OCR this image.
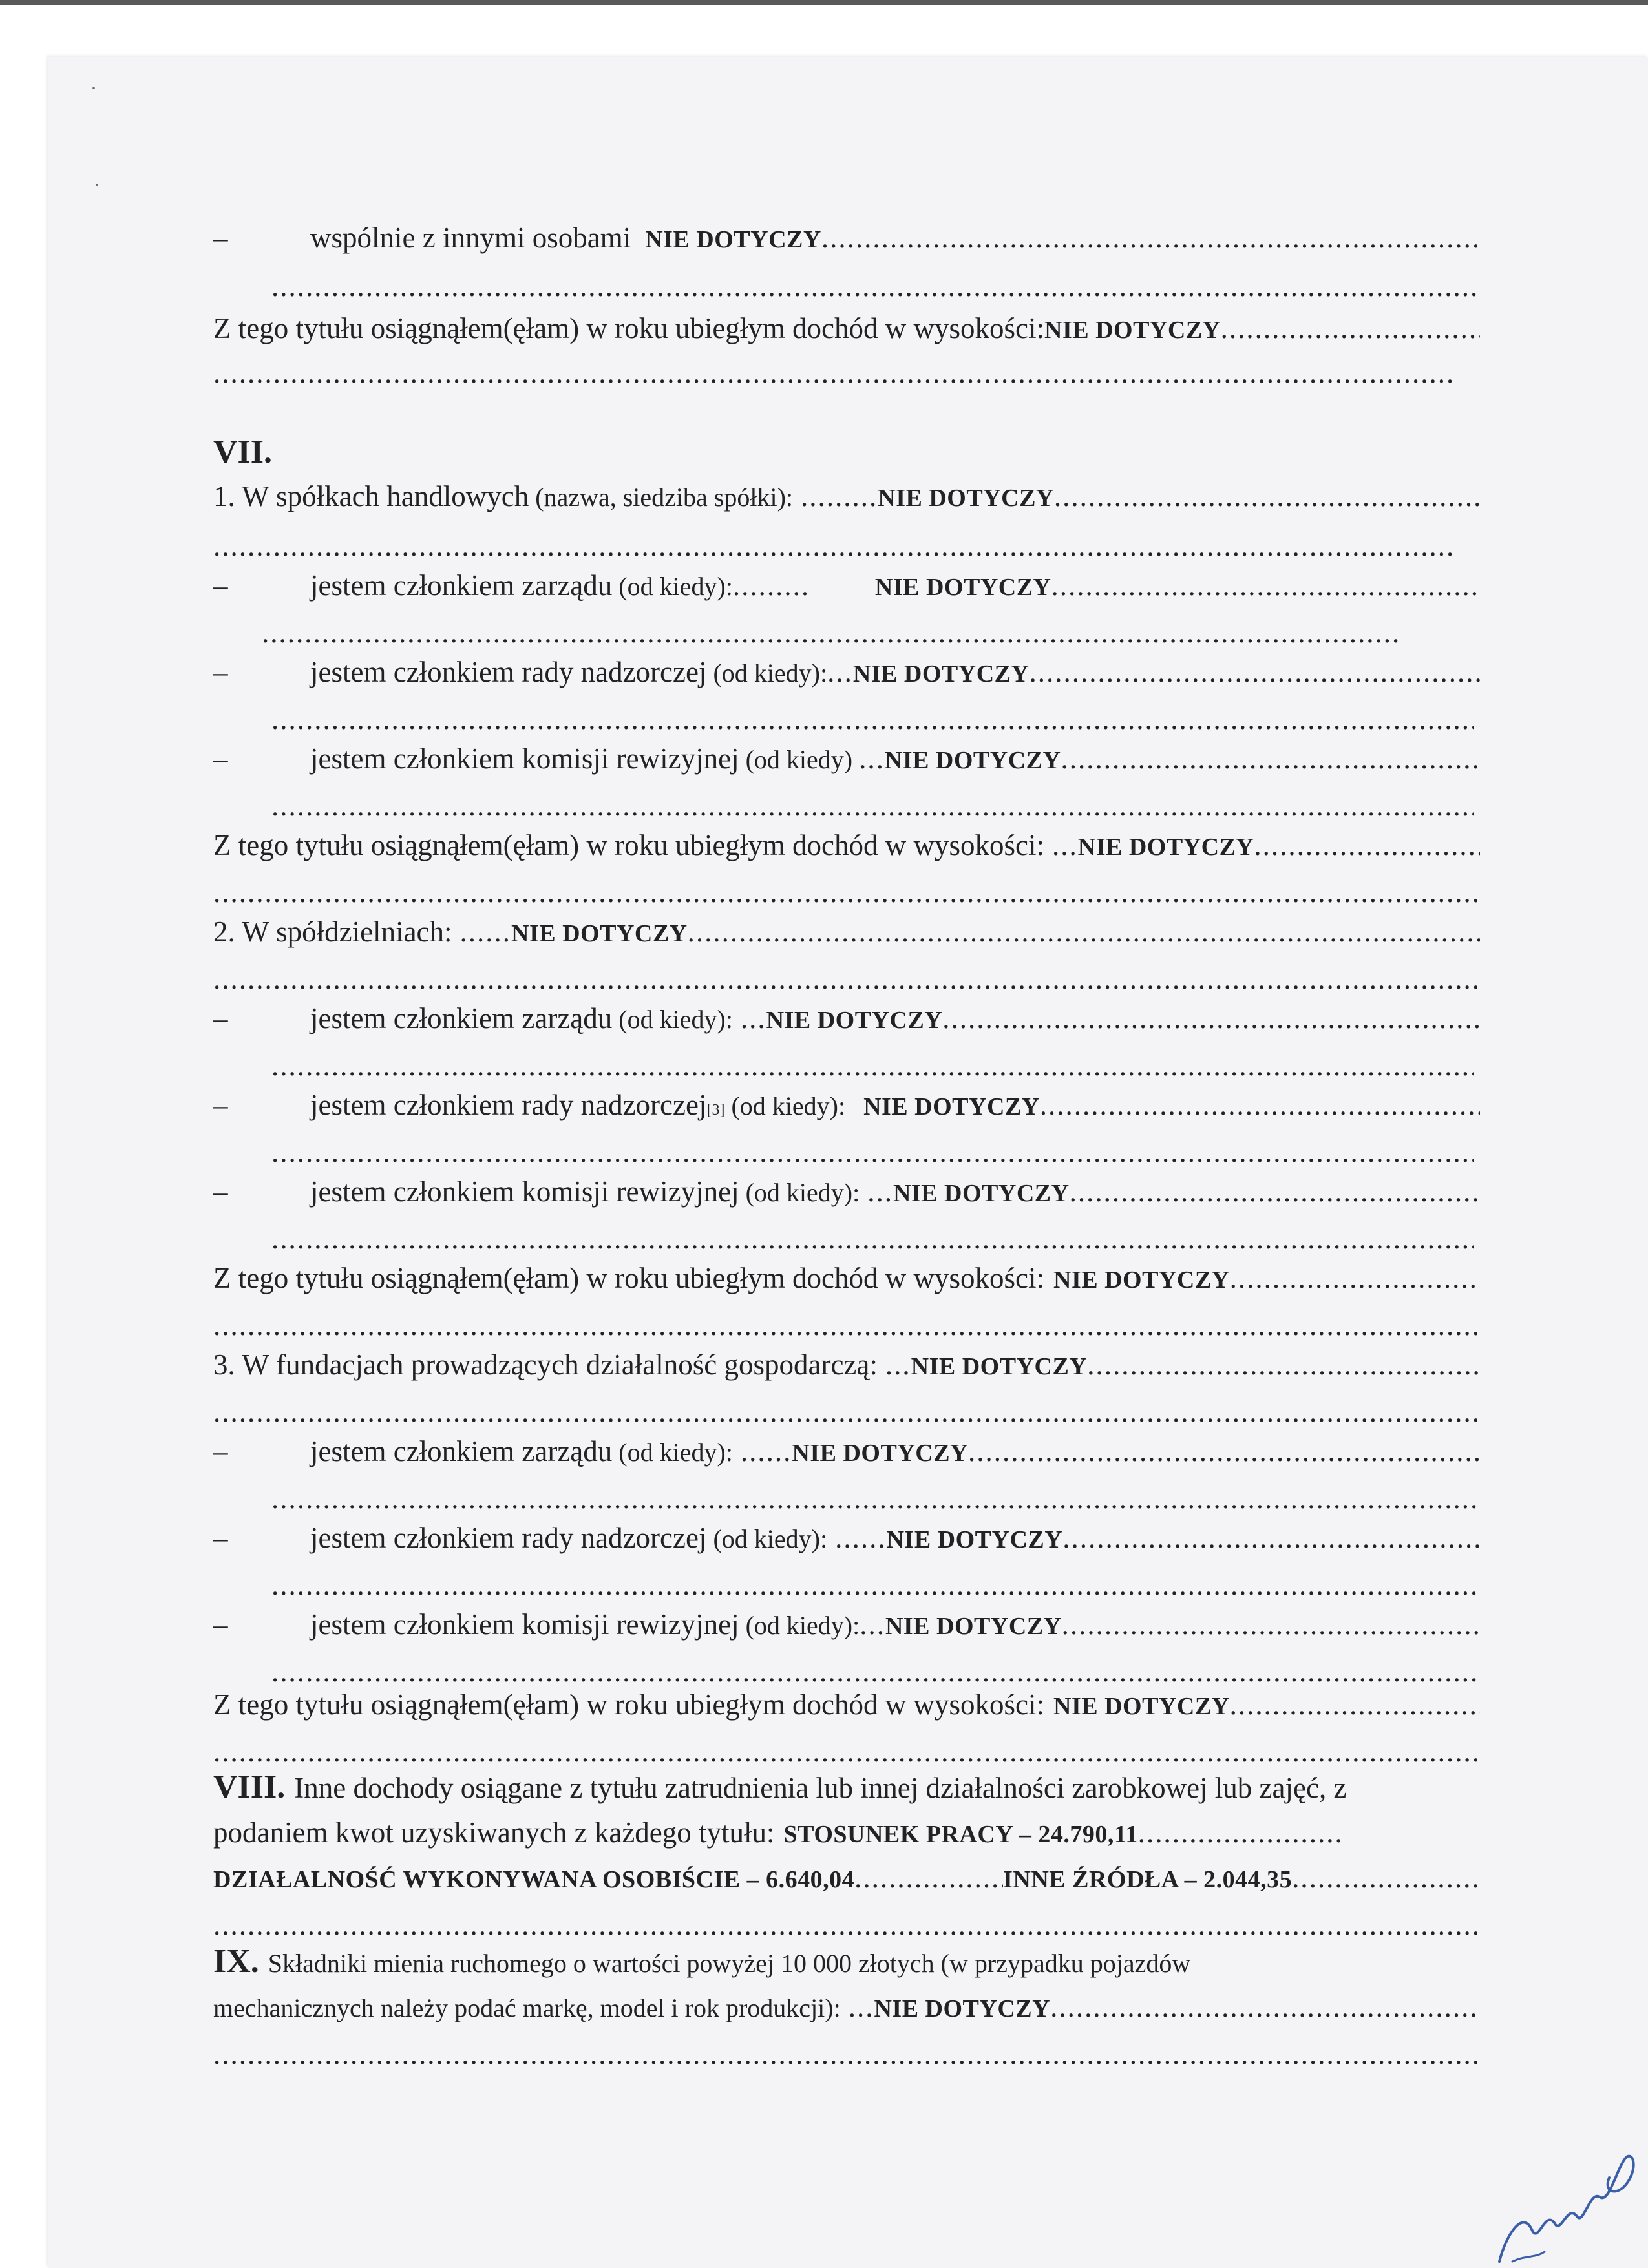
–	wspólnie z innymi osobami NIE DOTYCZY
.....
.....
Z tego tytułu osiągnąłem(ęłam) w roku ubiegłym dochód w wysokości: NIE DOTYCZY
.....
.....
VII.
1. W spółkach handlowych (nazwa, siedziba spółki): ......... NIE DOTYCZY
.....
.....
–	jestem członkiem zarządu (od kiedy): .........	NIE DOTYCZY
.....
.....
–	jestem członkiem rady nadzorczej (od kiedy): ... NIE DOTYCZY
.....
.....
–	jestem członkiem komisji rewizyjnej (od kiedy) ... NIE DOTYCZY
.....
.....
Z tego tytułu osiągnąłem(ęłam) w roku ubiegłym dochód w wysokości: ... NIE DOTYCZY
.....
.....
2. W spółdzielniach: ...... NIE DOTYCZY
.....
.....
–	jestem członkiem zarządu (od kiedy): ... NIE DOTYCZY
.....
.....
–	jestem członkiem rady nadzorczej [3] (od kiedy): NIE DOTYCZY
.....
.....
–	jestem członkiem komisji rewizyjnej (od kiedy): ... NIE DOTYCZY
.....
.....
Z tego tytułu osiągnąłem(ęłam) w roku ubiegłym dochód w wysokości: NIE DOTYCZY
.....
.....
3. W fundacjach prowadzących działalność gospodarczą: ... NIE DOTYCZY
.....
.....
–	jestem członkiem zarządu (od kiedy): ...... NIE DOTYCZY
.....
.....
–	jestem członkiem rady nadzorczej (od kiedy): ...... NIE DOTYCZY
.....
.....
–	jestem członkiem komisji rewizyjnej (od kiedy): ... NIE DOTYCZY
.....
.....
Z tego tytułu osiągnąłem(ęłam) w roku ubiegłym dochód w wysokości: NIE DOTYCZY
.....
.....
VIII. Inne dochody osiągane z tytułu zatrudnienia lub innej działalności zarobkowej lub zajęć, z
podaniem kwot uzyskiwanych z każdego tytułu: STOSUNEK PRACY – 24.790,11
.....
DZIAŁALNOŚĆ WYKONYWANA OSOBIŚCIE – 6.640,04
.....	INNE ŹRÓDŁA – 2.044,35
.....
.....
IX. Składniki mienia ruchomego o wartości powyżej 10 000 złotych (w przypadku pojazdów
mechanicznych należy podać markę, model i rok produkcji): ... NIE DOTYCZY
.....
.....
·
·
